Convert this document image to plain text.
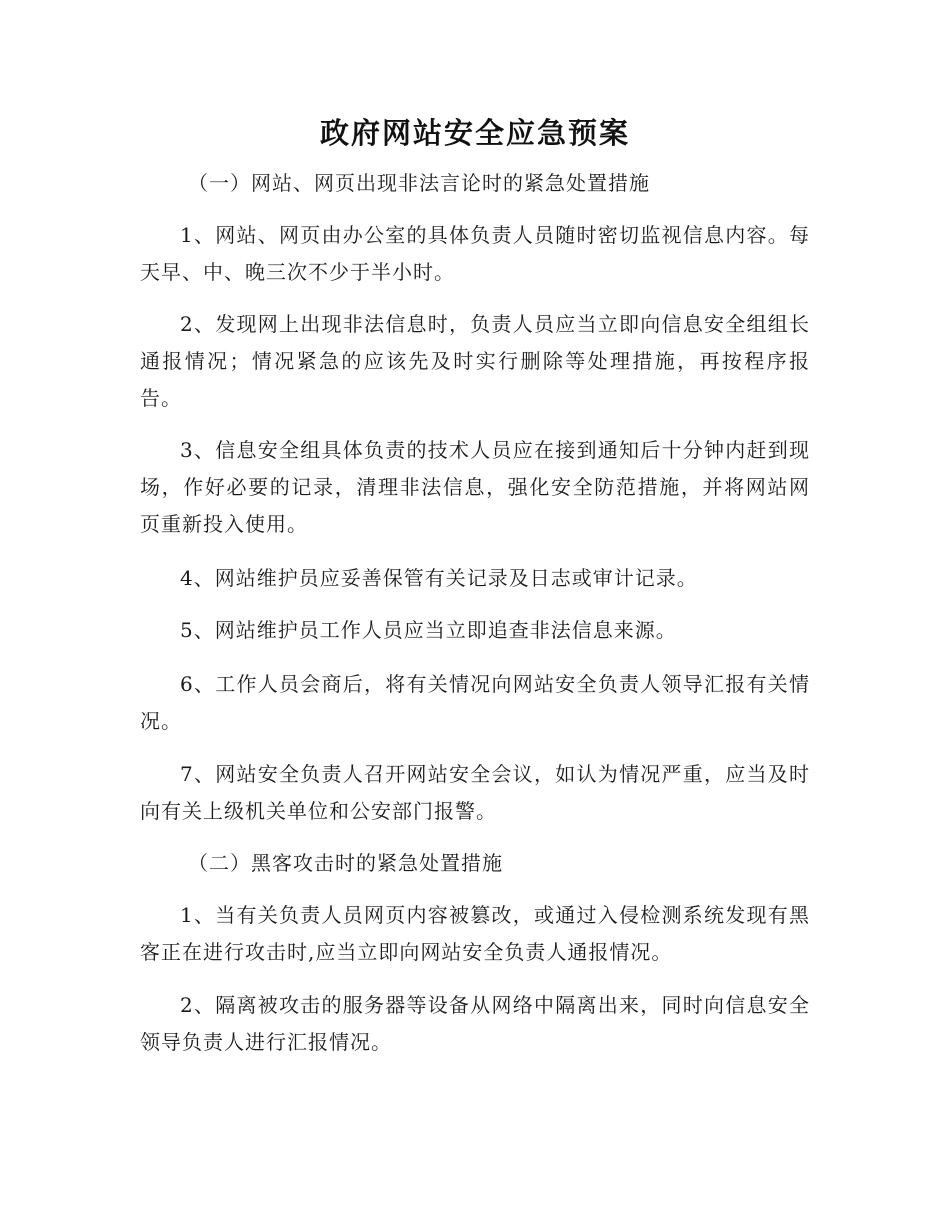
政府网站安全应急预案

（一）网站、网页出现非法言论时的紧急处置措施

1、网站、网页由办公室的具体负责人员随时密切监视信息内容。每天早、中、晚三次不少于半小时。

2、发现网上出现非法信息时，负责人员应当立即向信息安全组组长通报情况；情况紧急的应该先及时实行删除等处理措施，再按程序报告。

3、信息安全组具体负责的技术人员应在接到通知后十分钟内赶到现场，作好必要的记录，清理非法信息，强化安全防范措施，并将网站网页重新投入使用。

4、网站维护员应妥善保管有关记录及日志或审计记录。

5、网站维护员工作人员应当立即追查非法信息来源。

6、工作人员会商后，将有关情况向网站安全负责人领导汇报有关情况。

7、网站安全负责人召开网站安全会议，如认为情况严重，应当及时向有关上级机关单位和公安部门报警。

（二）黑客攻击时的紧急处置措施

1、当有关负责人员网页内容被篡改，或通过入侵检测系统发现有黑客正在进行攻击时,应当立即向网站安全负责人通报情况。

2、隔离被攻击的服务器等设备从网络中隔离出来，同时向信息安全领导负责人进行汇报情况。
